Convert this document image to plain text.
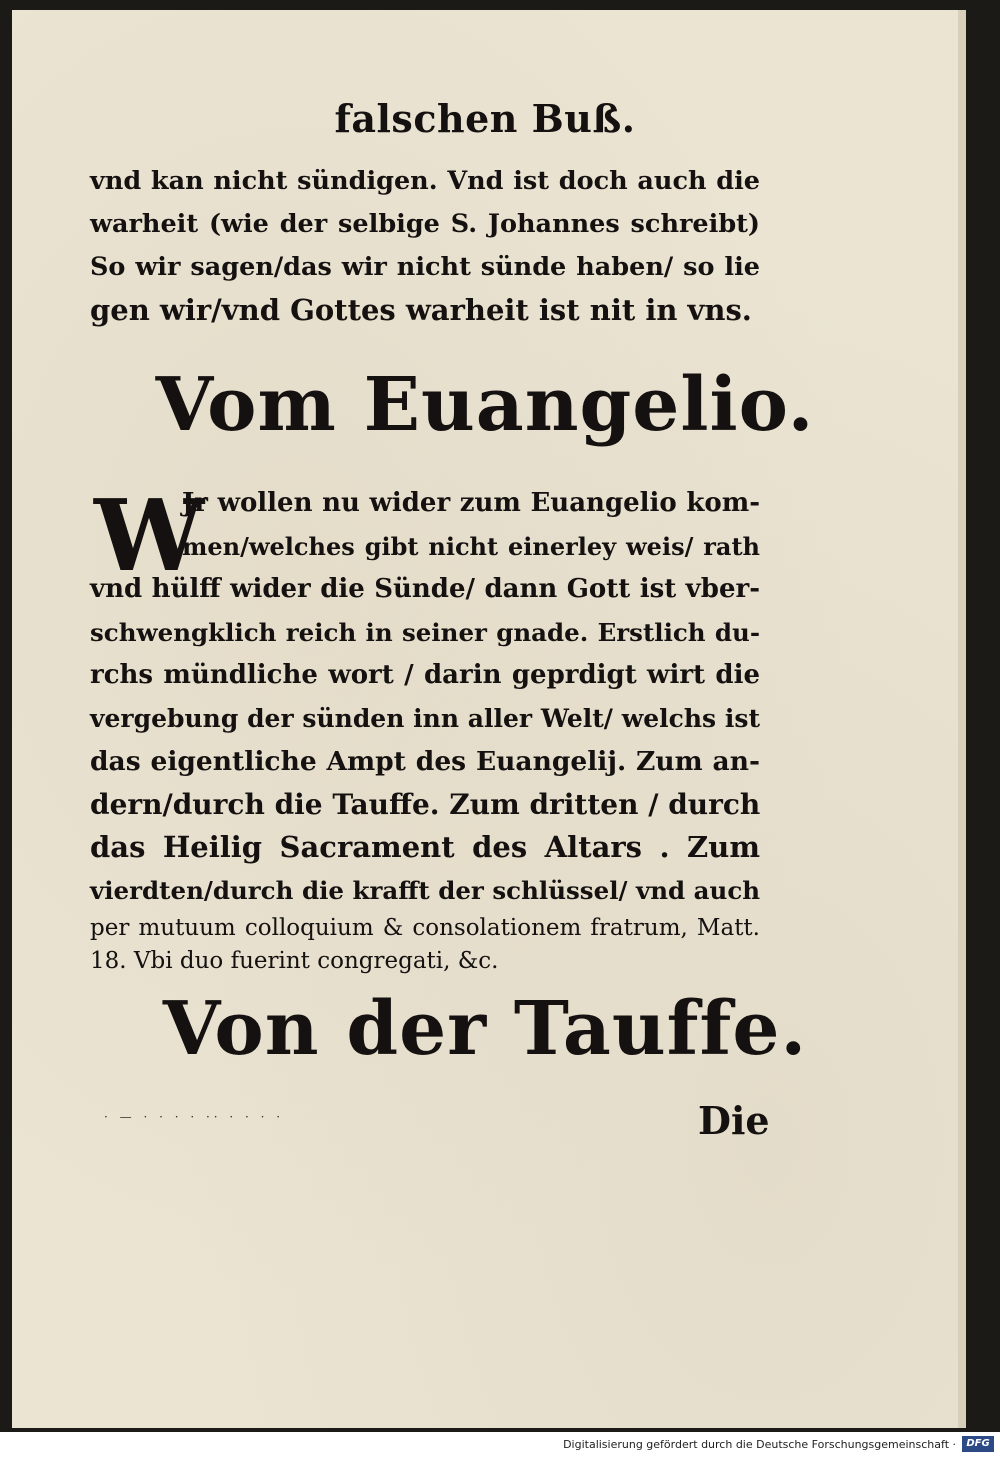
falschen Buß.
vnd kan nicht sündigen. Vnd ist doch auch die
warheit (wie der selbige S. Johannes schreibt)
So wir sagen/das wir nicht sünde haben/ so lie
gen wir/vnd Gottes warheit ist nit in vns.
Vom Euangelio.
W
Jr wollen nu wider zum Euangelio kom-
men/welches gibt nicht einerley weis/ rath
vnd hülff wider die Sünde/ dann Gott ist vber-
schwengklich reich in seiner gnade. Erstlich du-
rchs mündliche wort / darin geprdigt wirt die
vergebung der sünden inn aller Welt/ welchs ist
das eigentliche Ampt des Euangelij. Zum an-
dern/durch die Tauffe. Zum dritten / durch
das Heilig Sacrament des Altars . Zum
vierdten/durch die krafft der schlüssel/ vnd auch
per mutuum colloquium & consolationem fratrum, Matt.
18. Vbi duo fuerint congregati, &c.
Von der Tauffe.
· — · · · · ·· · · · ·	Die
Digitalisierung gefördert durch die Deutsche Forschungsgemeinschaft ·	DFG
